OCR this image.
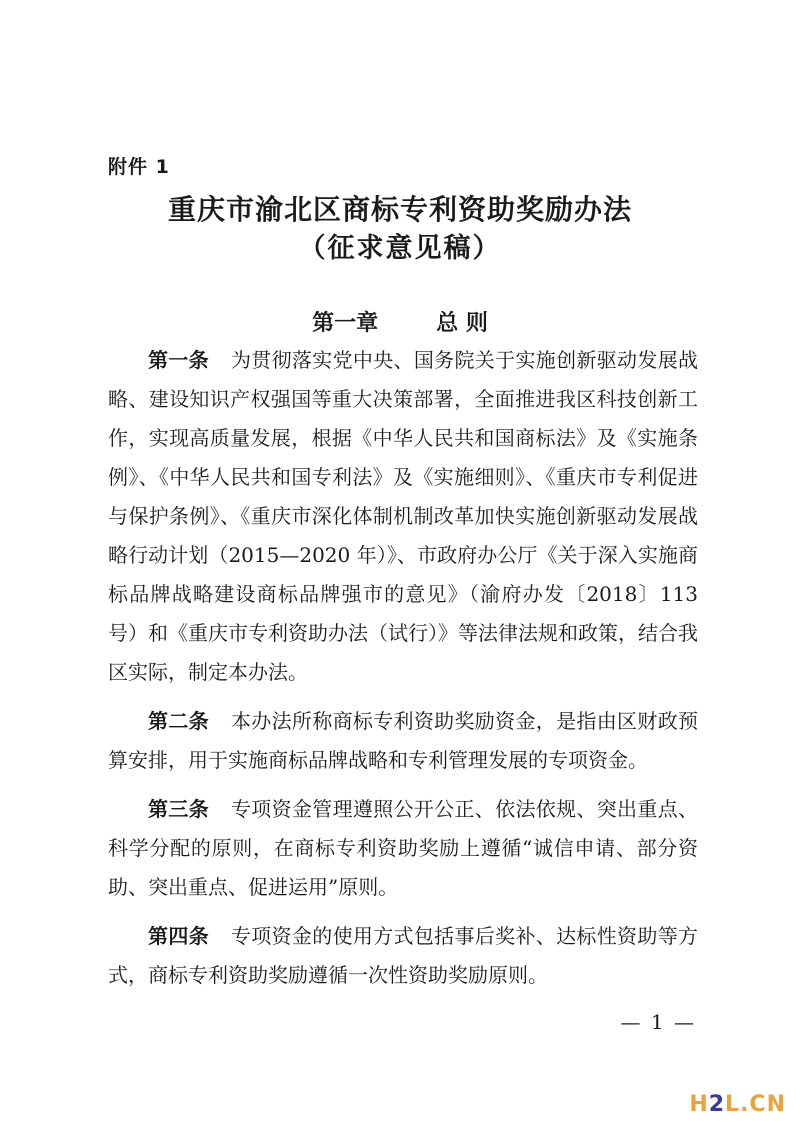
附件 1
重庆市渝北区商标专利资助奖励办法
（征求意见稿）
第一章	总 则

第一条 为贯彻落实党中央、国务院关于实施创新驱动发展战略、建设知识产权强国等重大决策部署，全面推进我区科技创新工作，实现高质量发展，根据《中华人民共和国商标法》及《实施条例》、《中华人民共和国专利法》及《实施细则》、《重庆市专利促进与保护条例》、《重庆市深化体制机制改革加快实施创新驱动发展战略行动计划（2015—2020 年）》、市政府办公厅《关于深入实施商标品牌战略建设商标品牌强市的意见》（渝府办发〔2018〕113 号）和《重庆市专利资助办法（试行）》等法律法规和政策，结合我区实际，制定本办法。

第二条 本办法所称商标专利资助奖励资金，是指由区财政预算安排，用于实施商标品牌战略和专利管理发展的专项资金。

第三条 专项资金管理遵照公开公正、依法依规、突出重点、科学分配的原则，在商标专利资助奖励上遵循“诚信申请、部分资助、突出重点、促进运用”原则。

第四条 专项资金的使用方式包括事后奖补、达标性资助等方式，商标专利资助奖励遵循一次性资助奖励原则。

— 1 —
H2L.CN
